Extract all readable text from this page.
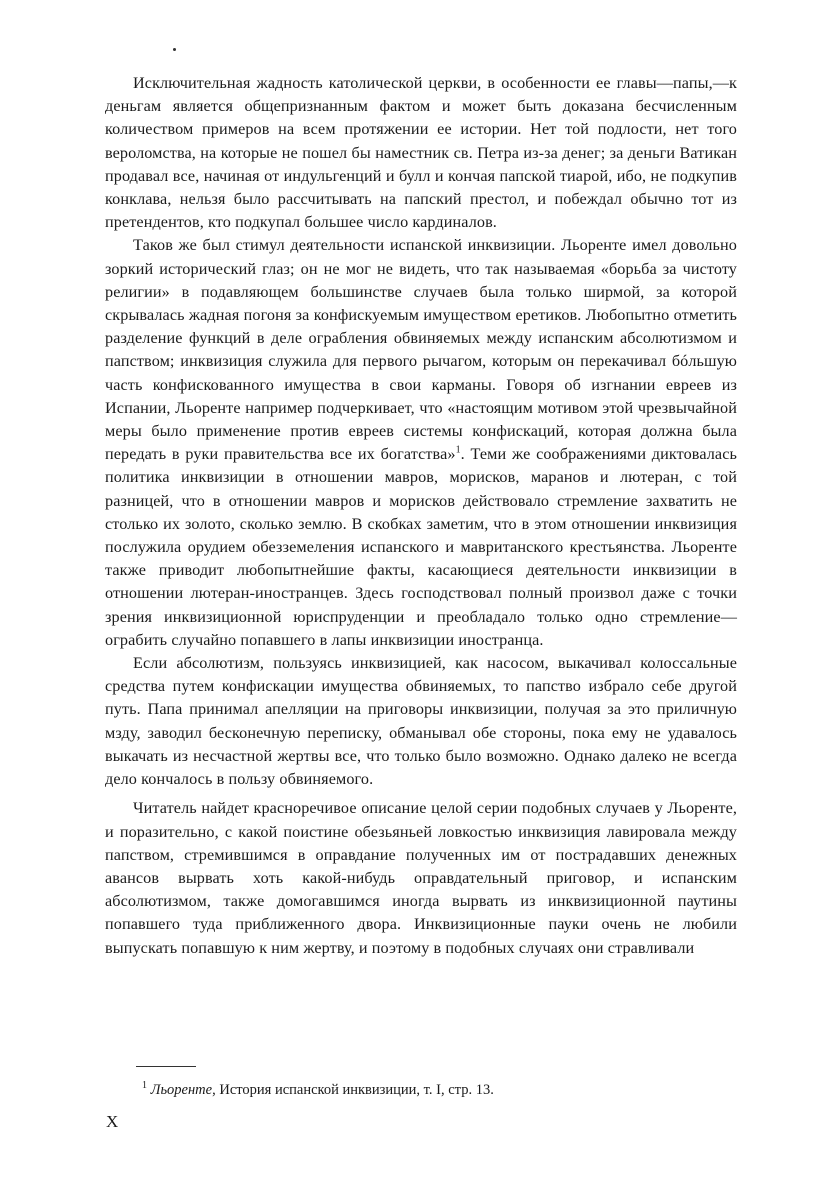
Исключительная жадность католической церкви, в особенности ее главы—папы,—к деньгам является общепризнанным фактом и может быть доказана бесчисленным количеством примеров на всем протяжении ее истории. Нет той подлости, нет того вероломства, на которые не пошел бы наместник св. Петра из-за денег; за деньги Ватикан продавал все, начиная от индульгенций и булл и кончая папской тиарой, ибо, не подкупив конклава, нельзя было рассчитывать на папский престол, и побеждал обычно тот из претендентов, кто подкупал большее число кардиналов.

Таков же был стимул деятельности испанской инквизиции. Льоренте имел довольно зоркий исторический глаз; он не мог не видеть, что так называемая «борьба за чистоту религии» в подавляющем большинстве случаев была только ширмой, за которой скрывалась жадная погоня за конфискуемым имуществом еретиков. Любопытно отметить разделение функций в деле ограбления обвиняемых между испанским абсолютизмом и папством; инквизиция служила для первого рычагом, которым он перекачивал бóльшую часть конфискованного имущества в свои карманы. Говоря об изгнании евреев из Испании, Льоренте например подчеркивает, что «настоящим мотивом этой чрезвычайной меры было применение против евреев системы конфискаций, которая должна была передать в руки правительства все их богатства»$^1$. Теми же соображениями диктовалась политика инквизиции в отношении мавров, морисков, маранов и лютеран, с той разницей, что в отношении мавров и морисков действовало стремление захватить не столько их золото, сколько землю. В скобках заметим, что в этом отношении инквизиция послужила орудием обезземеления испанского и мавританского крестьянства. Льоренте также приводит любопытнейшие факты, касающиеся деятельности инквизиции в отношении лютеран-иностранцев. Здесь господствовал полный произвол даже с точки зрения инквизиционной юриспруденции и преобладало только одно стремление—ограбить случайно попавшего в лапы инквизиции иностранца.

Если абсолютизм, пользуясь инквизицией, как насосом, выкачивал колоссальные средства путем конфискации имущества обвиняемых, то папство избрало себе другой путь. Папа принимал апелляции на приговоры инквизиции, получая за это приличную мзду, заводил бесконечную переписку, обманывал обе стороны, пока ему не удавалось выкачать из несчастной жертвы все, что только было возможно. Однако далеко не всегда дело кончалось в пользу обвиняемого.

Читатель найдет красноречивое описание целой серии подобных случаев у Льоренте, и поразительно, с какой поистине обезьяньей ловкостью инквизиция лавировала между папством, стремившимся в оправдание полученных им от пострадавших денежных авансов вырвать хоть какой-нибудь оправдательный приговор, и испанским абсолютизмом, также домогавшимся иногда вырвать из инквизиционной паутины попавшего туда приближенного двора. Инквизиционные пауки очень не любили выпускать попавшую к ним жертву, и поэтому в подобных случаях они стравливали

$^1$ Льоренте, История испанской инквизиции, т. I, стр. 13.
X
